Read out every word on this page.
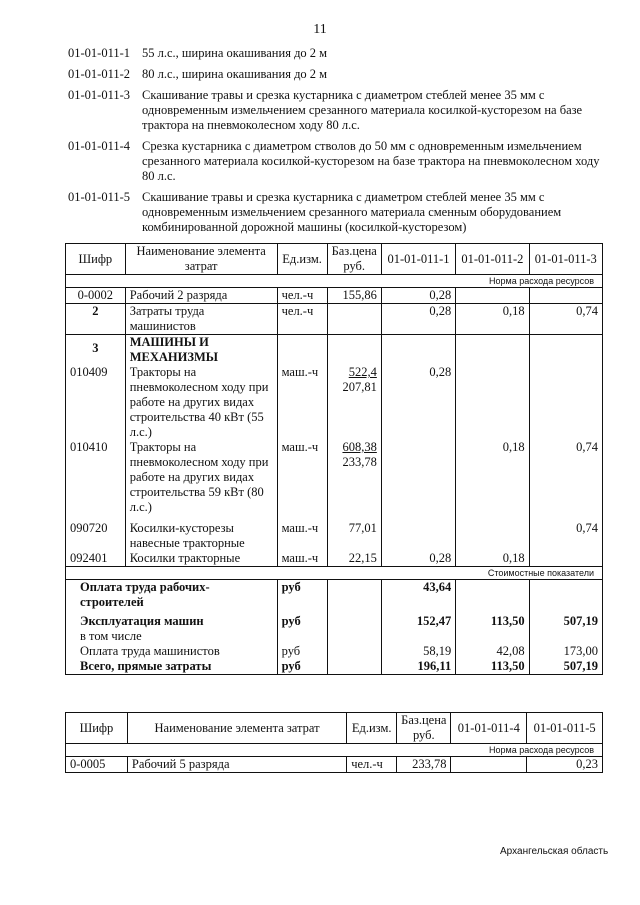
11
01-01-011-1 55 л.с., ширина окашивания до 2 м
01-01-011-2 80 л.с., ширина окашивания до 2 м
01-01-011-3 Скашивание травы и срезка кустарника с диаметром стеблей менее 35 мм с одновременным измельчением срезанного материала косилкой-кусторезом на базе трактора на пневмоколесном ходу 80 л.с.
01-01-011-4 Срезка кустарника с диаметром стволов до 50 мм с одновременным измельчением срезанного материала косилкой-кусторезом на базе трактора на пневмоколесном ходу 80 л.с.
01-01-011-5 Скашивание травы и срезка кустарника с диаметром стеблей менее 35 мм с одновременным измельчением срезанного материала сменным оборудованием комбинированной дорожной машины (косилкой-кусторезом)
Шифр	Наименование элемента затрат	Ед.изм.	Баз.цена руб.	01-01-011-1	01-01-011-2	01-01-011-3
Норма расхода ресурсов						
0-0002	Рабочий 2 разряда	чел.-ч	155,86	0,28		
2	Затраты труда машинистов	чел.-ч		0,28	0,18	0,74
3	МАШИНЫ И МЕХАНИЗМЫ					
010409	Тракторы на пневмоколесном ходу при работе на других видах строительства 40 кВт (55 л.с.)	маш.-ч	522,4
207,81	0,28		
010410	Тракторы на пневмоколесном ходу при работе на других видах строительства 59 кВт (80 л.с.)	маш.-ч	608,38
233,78		0,18	0,74
090720	Косилки-кусторезы навесные тракторные	маш.-ч	77,01			0,74
092401	Косилки тракторные	маш.-ч	22,15	0,28	0,18	
Стоимостные показатели						
Оплата труда рабочих-строителей		руб		43,64		
Эксплуатация машин		руб		152,47	113,50	507,19
в том числе						
Оплата труда машинистов		руб		58,19	42,08	173,00
Всего, прямые затраты		руб		196,11	113,50	507,19
Шифр	Наименование элемента затрат	Ед.изм.	Баз.цена руб.	01-01-011-4	01-01-011-5
Норма расхода ресурсов					
0-0005	Рабочий 5 разряда	чел.-ч	233,78		0,23
Архангельская область
